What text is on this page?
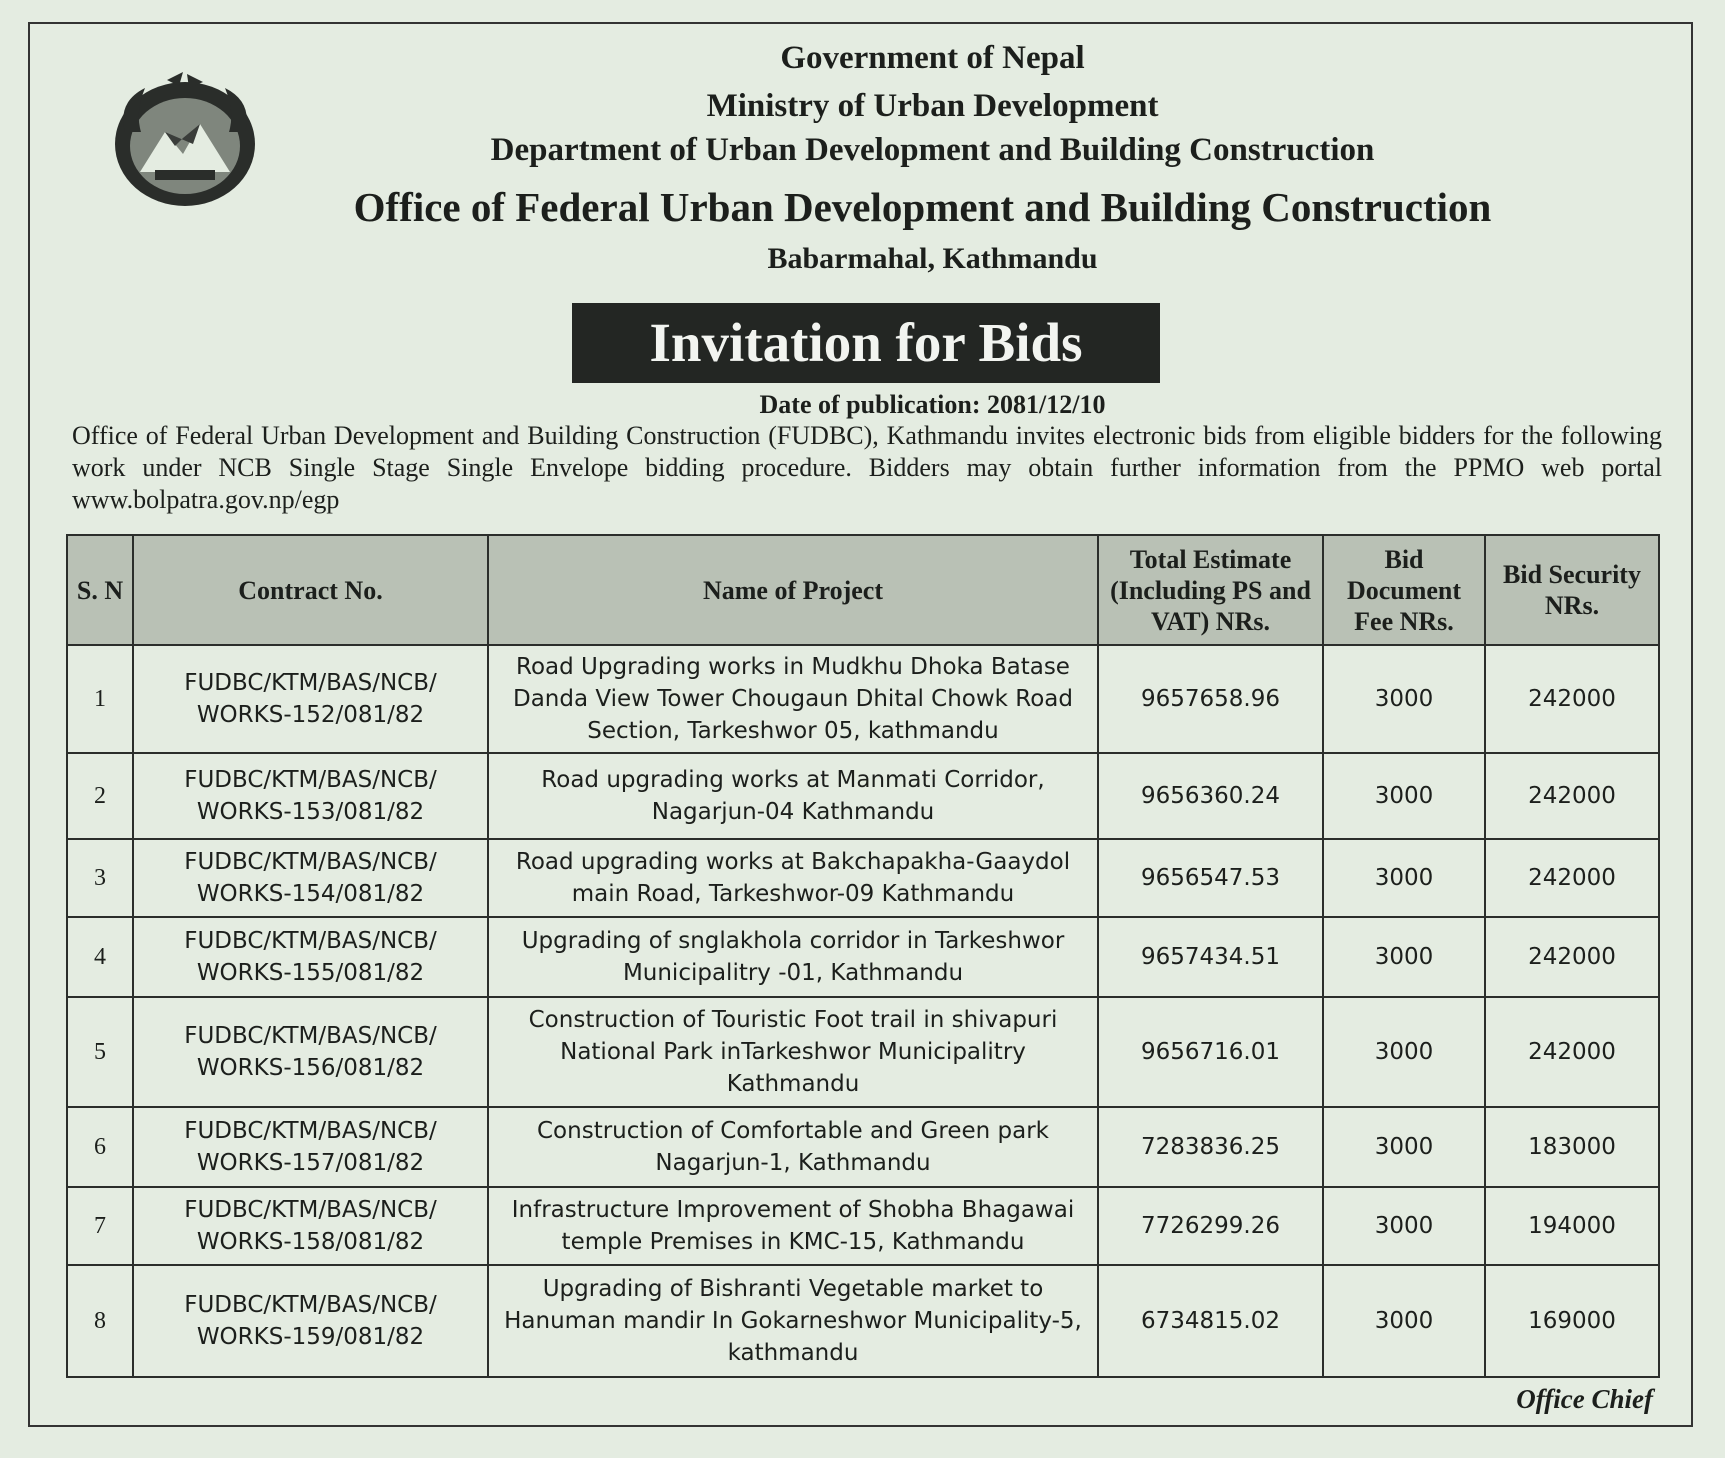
Government of Nepal
Ministry of Urban Development
Department of Urban Development and Building Construction
Office of Federal Urban Development and Building Construction
Babarmahal, Kathmandu
Invitation for Bids
Date of publication: 2081/12/10
Office of Federal Urban Development and Building Construction (FUDBC), Kathmandu invites electronic bids from eligible bidders for the following work under NCB Single Stage Single Envelope bidding procedure. Bidders may obtain further information from the PPMO web portal www.bolpatra.gov.np/egp
S. N	Contract No.	Name of Project	Total Estimate (Including PS and VAT) NRs.	Bid Document Fee NRs.	Bid Security NRs.
1	FUDBC/KTM/BAS/NCB/ WORKS-152/081/82	Road Upgrading works in Mudkhu Dhoka Batase Danda View Tower Chougaun Dhital Chowk Road Section, Tarkeshwor 05, kathmandu	9657658.96	3000	242000
2	FUDBC/KTM/BAS/NCB/ WORKS-153/081/82	Road upgrading works at Manmati Corridor, Nagarjun-04 Kathmandu	9656360.24	3000	242000
3	FUDBC/KTM/BAS/NCB/ WORKS-154/081/82	Road upgrading works at Bakchapakha-Gaaydol main Road, Tarkeshwor-09 Kathmandu	9656547.53	3000	242000
4	FUDBC/KTM/BAS/NCB/ WORKS-155/081/82	Upgrading of snglakhola corridor in Tarkeshwor Municipalitry -01, Kathmandu	9657434.51	3000	242000
5	FUDBC/KTM/BAS/NCB/ WORKS-156/081/82	Construction of Touristic Foot trail in shivapuri National Park inTarkeshwor Municipalitry Kathmandu	9656716.01	3000	242000
6	FUDBC/KTM/BAS/NCB/ WORKS-157/081/82	Construction of Comfortable and Green park Nagarjun-1, Kathmandu	7283836.25	3000	183000
7	FUDBC/KTM/BAS/NCB/ WORKS-158/081/82	Infrastructure Improvement of Shobha Bhagawai temple Premises in KMC-15, Kathmandu	7726299.26	3000	194000
8	FUDBC/KTM/BAS/NCB/ WORKS-159/081/82	Upgrading of Bishranti Vegetable market to Hanuman mandir In Gokarneshwor Municipality-5, kathmandu	6734815.02	3000	169000
Office Chief
